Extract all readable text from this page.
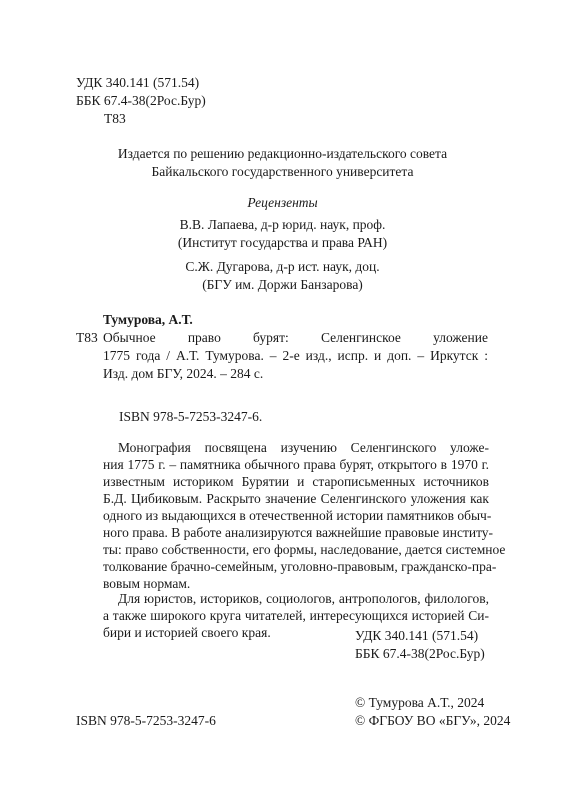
УДК 340.141 (571.54)
ББК 67.4-38(2Рос.Бур)
Т83
Издается по решению редакционно-издательского совета
Байкальского государственного университета
Рецензенты
В.В. Лапаева, д-р юрид. наук, проф.
(Институт государства и права РАН)
С.Ж. Дугарова, д-р ист. наук, доц.
(БГУ им. Доржи Банзарова)
Тумурова, А.Т.
Т83 Обычное право бурят: Селенгинское уложение
1775 года / А.Т. Тумурова. – 2-е изд., испр. и доп. – Иркутск :
Изд. дом БГУ, 2024. – 284 с.
ISBN 978-5-7253-3247-6.
Монография посвящена изучению Селенгинского уложе-
ния 1775 г. – памятника обычного права бурят, открытого в 1970 г.
известным историком Бурятии и старописьменных источников
Б.Д. Цибиковым. Раскрыто значение Селенгинского уложения как
одного из выдающихся в отечественной истории памятников обыч-
ного права. В работе анализируются важнейшие правовые институ-
ты: право собственности, его формы, наследование, дается системное
толкование брачно-семейным, уголовно-правовым, гражданско-пра-
вовым нормам.
Для юристов, историков, социологов, антропологов, филологов,
а также широкого круга читателей, интересующихся историей Си-
бири и историей своего края.	УДК 340.141 (571.54)
ББК 67.4-38(2Рос.Бур)
© Тумурова А.Т., 2024
ISBN 978-5-7253-3247-6	© ФГБОУ ВО «БГУ», 2024
